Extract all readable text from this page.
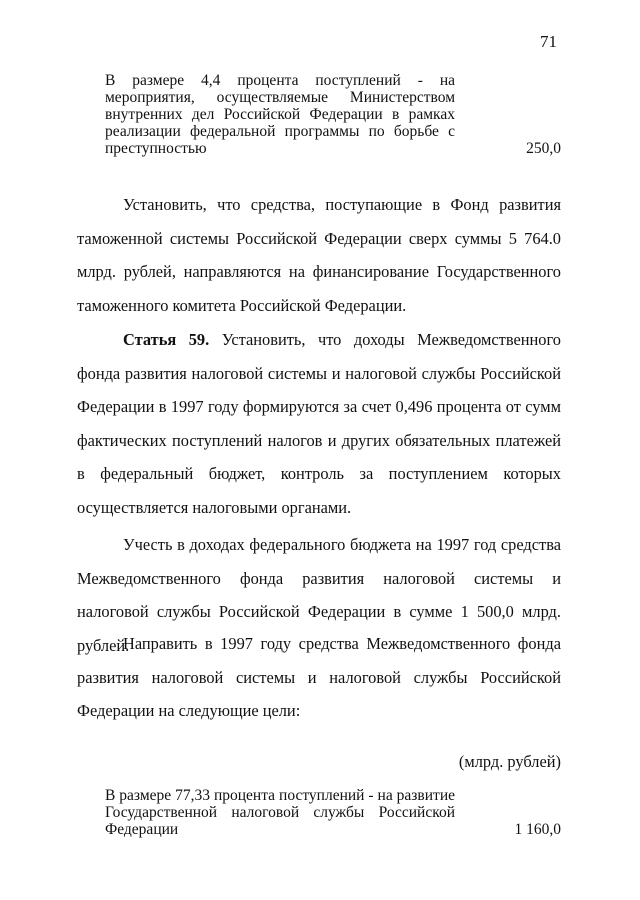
71
В размере 4,4 процента поступлений - на мероприятия, осуществляемые Министерством внутренних дел Российской Федерации в рамках реализации федеральной программы по борьбе с преступностью	250,0

Установить, что средства, поступающие в Фонд развития таможенной системы Российской Федерации сверх суммы 5 764.0 млрд. рублей, направляются на финансирование Государственного таможенного комитета Российской Федерации.

Статья 59. Установить, что доходы Межведомственного фонда развития налоговой системы и налоговой службы Российской Федерации в 1997 году формируются за счет 0,496 процента от сумм фактических поступлений налогов и других обязательных платежей в федеральный бюджет, контроль за поступлением которых осуществляется налоговыми органами.

Учесть в доходах федерального бюджета на 1997 год средства Межведомственного фонда развития налоговой системы и налоговой службы Российской Федерации в сумме 1 500,0 млрд. рублей.

Направить в 1997 году средства Межведомственного фонда развития налоговой системы и налоговой службы Российской Федерации на следующие цели:

(млрд. рублей)
В размере 77,33 процента поступлений - на развитие Государственной налоговой службы Российской Федерации	1 160,0
